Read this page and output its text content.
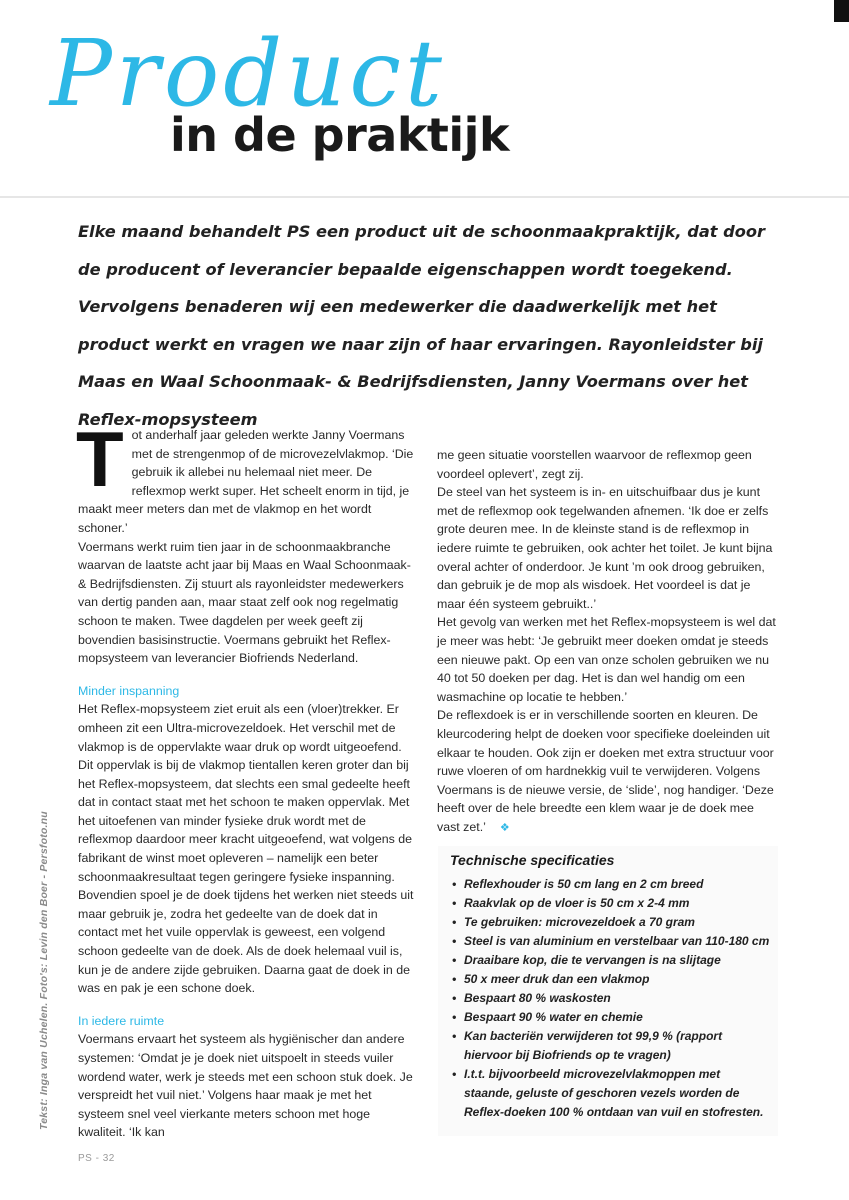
Product
in de praktijk

Elke maand behandelt PS een product uit de schoonmaakpraktijk, dat door de producent of leverancier bepaalde eigenschappen wordt toegekend. Vervolgens benaderen wij een medewerker die daadwerkelijk met het product werkt en vragen we naar zijn of haar ervaringen. Rayonleidster bij Maas en Waal Schoonmaak- & Bedrijfsdiensten, Janny Voermans over het Reflex-mopsysteem

T ot anderhalf jaar geleden werkte Janny Voermans met de strengenmop of de microvezelvlakmop. ‘Die gebruik ik allebei nu helemaal niet meer. De reflexmop werkt super. Het scheelt enorm in tijd, je maakt meer meters dan met de vlakmop en het wordt schoner.’

Voermans werkt ruim tien jaar in de schoonmaakbranche waarvan de laatste acht jaar bij Maas en Waal Schoonmaak- & Bedrijfsdiensten. Zij stuurt als rayonleidster medewerkers van dertig panden aan, maar staat zelf ook nog regelmatig schoon te maken. Twee dagdelen per week geeft zij bovendien basisinstructie. Voermans gebruikt het Reflex-mopsysteem van leverancier Biofriends Nederland.

Minder inspanning

Het Reflex-mopsysteem ziet eruit als een (vloer)trekker. Er omheen zit een Ultra-microvezeldoek. Het verschil met de vlakmop is de oppervlakte waar druk op wordt uitgeoefend. Dit oppervlak is bij de vlakmop tientallen keren groter dan bij het Reflex-mopsysteem, dat slechts een smal gedeelte heeft dat in contact staat met het schoon te maken oppervlak. Met het uitoefenen van minder fysieke druk wordt met de reflexmop daardoor meer kracht uitgeoefend, wat volgens de fabrikant de winst moet opleveren – namelijk een beter schoonmaakresultaat tegen geringere fysieke inspanning.

Bovendien spoel je de doek tijdens het werken niet steeds uit maar gebruik je, zodra het gedeelte van de doek dat in contact met het vuile oppervlak is geweest, een volgend schoon gedeelte van de doek. Als de doek helemaal vuil is, kun je de andere zijde gebruiken. Daarna gaat de doek in de was en pak je een schone doek.

In iedere ruimte

Voermans ervaart het systeem als hygiënischer dan andere systemen: ‘Omdat je je doek niet uitspoelt in steeds vuiler wordend water, werk je steeds met een schoon stuk doek. Je verspreidt het vuil niet.’ Volgens haar maak je met het systeem snel veel vierkante meters schoon met hoge kwaliteit. ‘Ik kan

me geen situatie voorstellen waarvoor de reflexmop geen voordeel oplevert’, zegt zij.

De steel van het systeem is in- en uitschuifbaar dus je kunt met de reflexmop ook tegelwanden afnemen. ‘Ik doe er zelfs grote deuren mee. In de kleinste stand is de reflexmop in iedere ruimte te gebruiken, ook achter het toilet. Je kunt bijna overal achter of onderdoor. Je kunt ’m ook droog gebruiken, dan gebruik je de mop als wisdoek. Het voordeel is dat je maar één systeem gebruikt..’

Het gevolg van werken met het Reflex-mopsysteem is wel dat je meer was hebt: ‘Je gebruikt meer doeken omdat je steeds een nieuwe pakt. Op een van onze scholen gebruiken we nu 40 tot 50 doeken per dag. Het is dan wel handig om een wasmachine op locatie te hebben.’

De reflexdoek is er in verschillende soorten en kleuren. De kleurcodering helpt de doeken voor specifieke doeleinden uit elkaar te houden. Ook zijn er doeken met extra structuur voor ruwe vloeren of om hardnekkig vuil te verwijderen. Volgens Voermans is de nieuwe versie, de ‘slide’, nog handiger. ‘Deze heeft over de hele breedte een klem waar je de doek mee vast zet.’ ❖

Technische specificaties
• Reflexhouder is 50 cm lang en 2 cm breed
• Raakvlak op de vloer is 50 cm x 2-4 mm
• Te gebruiken: microvezeldoek a 70 gram
• Steel is van aluminium en verstelbaar van 110-180 cm
• Draaibare kop, die te vervangen is na slijtage
• 50 x meer druk dan een vlakmop
• Bespaart 80 % waskosten
• Bespaart 90 % water en chemie
• Kan bacteriën verwijderen tot 99,9 % (rapport hiervoor bij Biofriends op te vragen)
• I.t.t. bijvoorbeeld microvezelvlakmoppen met staande, geluste of geschoren vezels worden de Reflex-doeken 100 % ontdaan van vuil en stofresten.
Tekst: Inga van Uchelen. Foto's: Levin den Boer - Persfoto.nu
PS - 32
